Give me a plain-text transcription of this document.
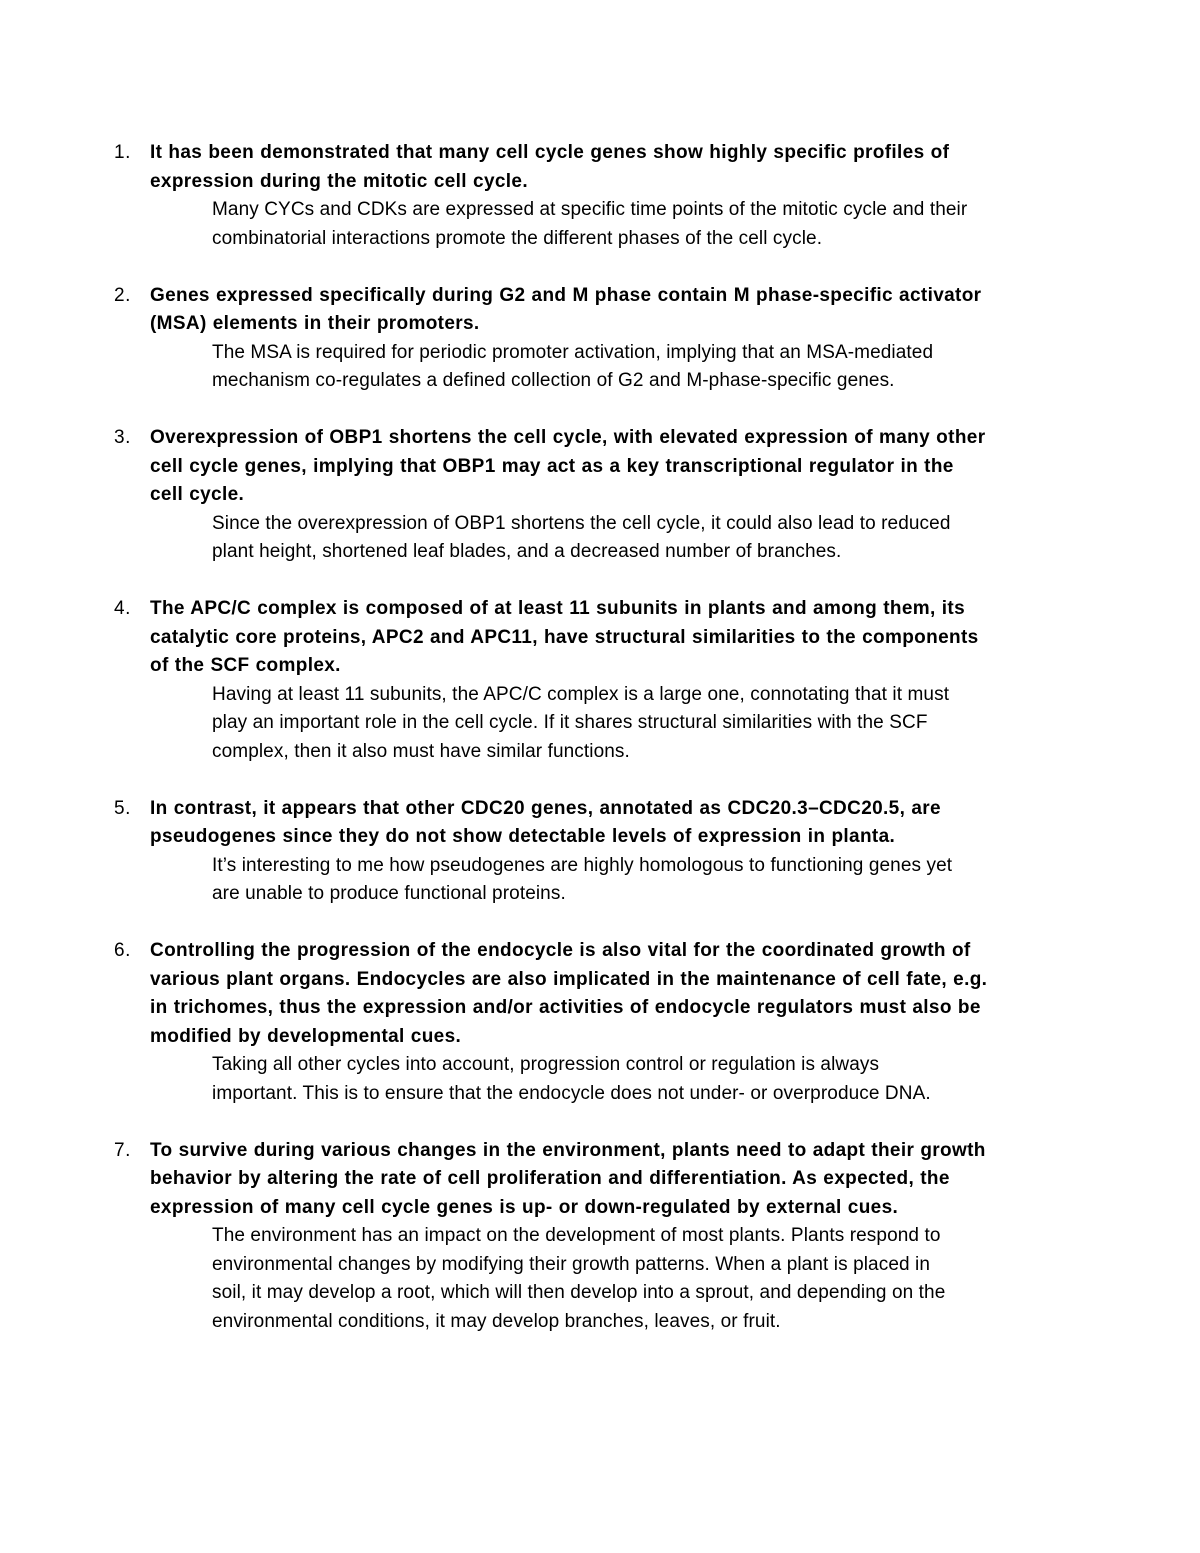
1. It has been demonstrated that many cell cycle genes show highly specific profiles of
expression during the mitotic cell cycle.
Many CYCs and CDKs are expressed at specific time points of the mitotic cycle and their
combinatorial interactions promote the different phases of the cell cycle.
2. Genes expressed specifically during G2 and M phase contain M phase-specific activator
(MSA) elements in their promoters.
The MSA is required for periodic promoter activation, implying that an MSA-mediated
mechanism co-regulates a defined collection of G2 and M-phase-specific genes.
3. Overexpression of OBP1 shortens the cell cycle, with elevated expression of many other
cell cycle genes, implying that OBP1 may act as a key transcriptional regulator in the
cell cycle.
Since the overexpression of OBP1 shortens the cell cycle, it could also lead to reduced
plant height, shortened leaf blades, and a decreased number of branches.
4. The APC/C complex is composed of at least 11 subunits in plants and among them, its
catalytic core proteins, APC2 and APC11, have structural similarities to the components
of the SCF complex.
Having at least 11 subunits, the APC/C complex is a large one, connotating that it must
play an important role in the cell cycle. If it shares structural similarities with the SCF
complex, then it also must have similar functions.
5. In contrast, it appears that other CDC20 genes, annotated as CDC20.3–CDC20.5, are
pseudogenes since they do not show detectable levels of expression in planta.
It’s interesting to me how pseudogenes are highly homologous to functioning genes yet
are unable to produce functional proteins.
6. Controlling the progression of the endocycle is also vital for the coordinated growth of
various plant organs. Endocycles are also implicated in the maintenance of cell fate, e.g.
in trichomes, thus the expression and/or activities of endocycle regulators must also be
modified by developmental cues.
Taking all other cycles into account, progression control or regulation is always
important. This is to ensure that the endocycle does not under- or overproduce DNA.
7. To survive during various changes in the environment, plants need to adapt their growth
behavior by altering the rate of cell proliferation and differentiation. As expected, the
expression of many cell cycle genes is up- or down-regulated by external cues.
The environment has an impact on the development of most plants. Plants respond to
environmental changes by modifying their growth patterns. When a plant is placed in
soil, it may develop a root, which will then develop into a sprout, and depending on the
environmental conditions, it may develop branches, leaves, or fruit.
